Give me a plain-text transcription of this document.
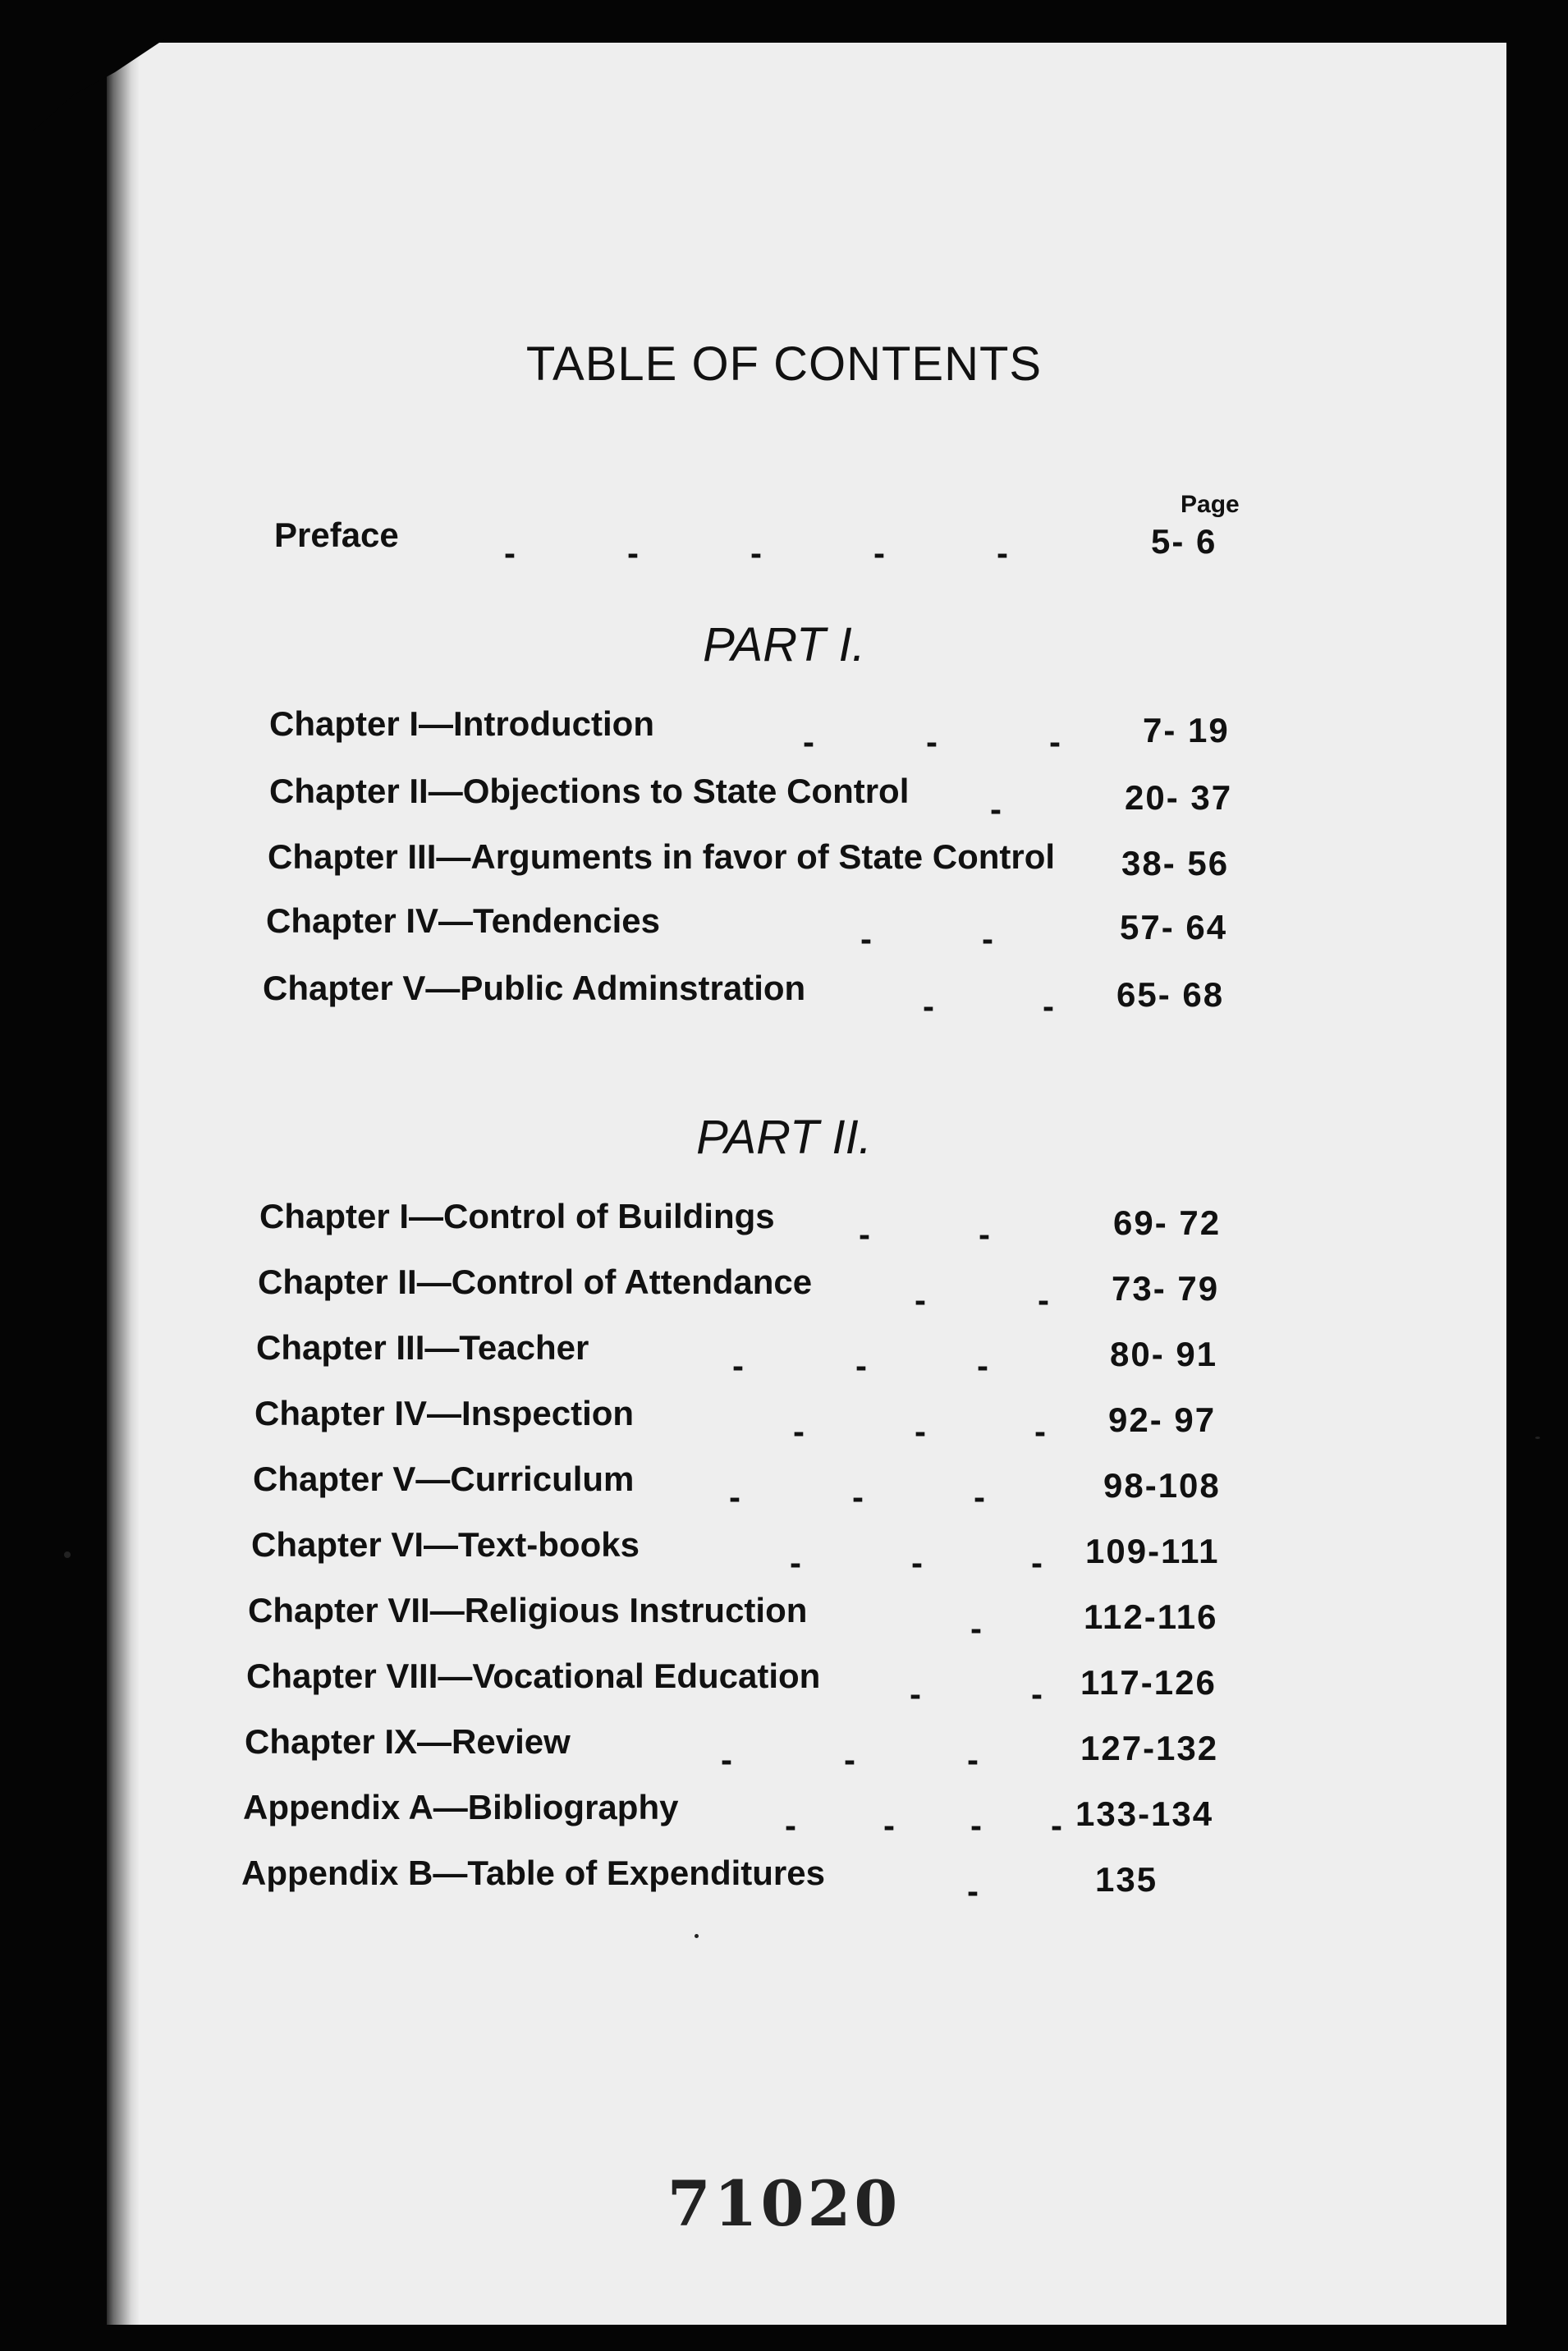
TABLE OF CONTENTS
Page
Preface	-	-	-	-	-	5- 6
PART I.
Chapter I—Introduction	-	-	- 7- 19
Chapter II—Objections to State Control -	20- 37
Chapter III—Arguments in favor of State Control 38- 56
Chapter IV—Tendencies	-	-	57- 64
Chapter V—Public Adminstration	-	- 65- 68
PART II.
Chapter I—Control of Buildings -	-	69- 72
Chapter II—Control of Attendance	-	- 73- 79
Chapter III—Teacher	-	-	-	80- 91
Chapter IV—Inspection	-	-	- 92- 97
Chapter V—Curriculum	-	-	-	98-108
Chapter VI—Text-books	-	-	- 109-111
Chapter VII—Religious Instruction	-	112-116
Chapter VIII—Vocational Education	-	- 117-126
Chapter IX—Review	-	-	-	127-132
Appendix A—Bibliography	-	- - - 133-134
Appendix B—Table of Expenditures	-	135
71020
